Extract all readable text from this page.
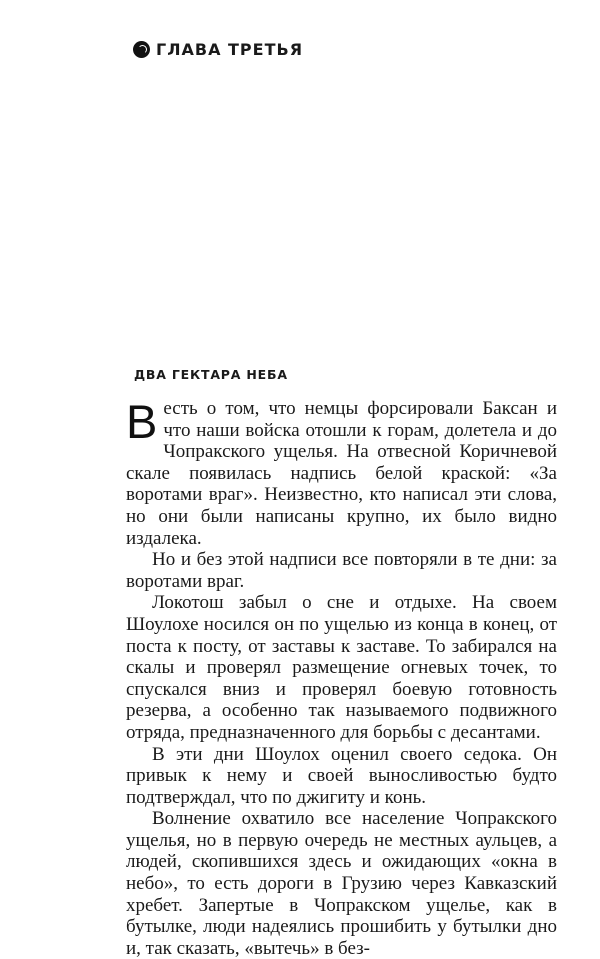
ГЛАВА ТРЕТЬЯ
ДВА ГЕКТАРА НЕБА

Весть о том, что немцы форсировали Баксан и что наши войска отошли к горам, долетела и до Чопракского ущелья. На отвесной Коричневой скале появилась надпись белой краской: «За воротами враг». Неизвестно, кто написал эти слова, но они были написаны крупно, их было видно издалека.

Но и без этой надписи все повторяли в те дни: за воротами враг.

Локотош забыл о сне и отдыхе. На своем Шоулохе носился он по ущелью из конца в конец, от поста к посту, от заставы к заставе. То забирался на скалы и проверял размещение огневых точек, то спускался вниз и проверял боевую готовность резерва, а особенно так называемого подвижного отряда, предназначенного для борьбы с десантами.

В эти дни Шоулох оценил своего седока. Он привык к нему и своей выносливостью будто подтверждал, что по джигиту и конь.

Волнение охватило все население Чопракского ущелья, но в первую очередь не местных аульцев, а людей, скопившихся здесь и ожидающих «окна в небо», то есть дороги в Грузию через Кавказский хребет. Запертые в Чопракском ущелье, как в бутылке, люди надеялись прошибить у бутылки дно и, так сказать, «вытечь» в без-
